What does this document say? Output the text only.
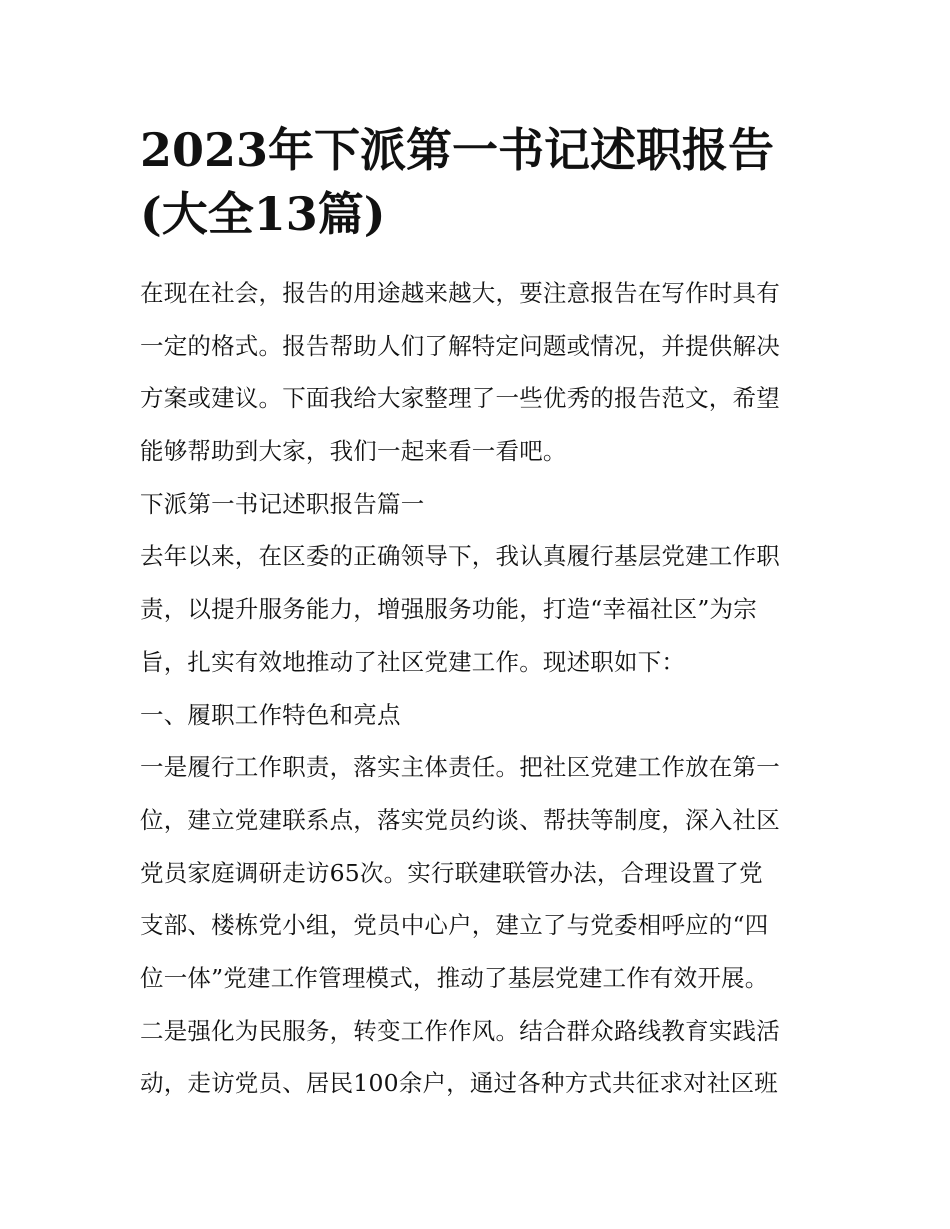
2023年下派第一书记述职报告
(大全13篇)
在现在社会，报告的用途越来越大，要注意报告在写作时具有
一定的格式。报告帮助人们了解特定问题或情况，并提供解决
方案或建议。下面我给大家整理了一些优秀的报告范文，希望
能够帮助到大家，我们一起来看一看吧。
下派第一书记述职报告篇一
去年以来，在区委的正确领导下，我认真履行基层党建工作职
责，以提升服务能力，增强服务功能，打造“幸福社区”为宗
旨，扎实有效地推动了社区党建工作。现述职如下：
一、履职工作特色和亮点
一是履行工作职责，落实主体责任。把社区党建工作放在第一
位，建立党建联系点，落实党员约谈、帮扶等制度，深入社区
党员家庭调研走访65次。实行联建联管办法，合理设置了党
支部、楼栋党小组，党员中心户，建立了与党委相呼应的“四
位一体”党建工作管理模式，推动了基层党建工作有效开展。
二是强化为民服务，转变工作作风。结合群众路线教育实践活
动，走访党员、居民100余户，通过各种方式共征求对社区班
